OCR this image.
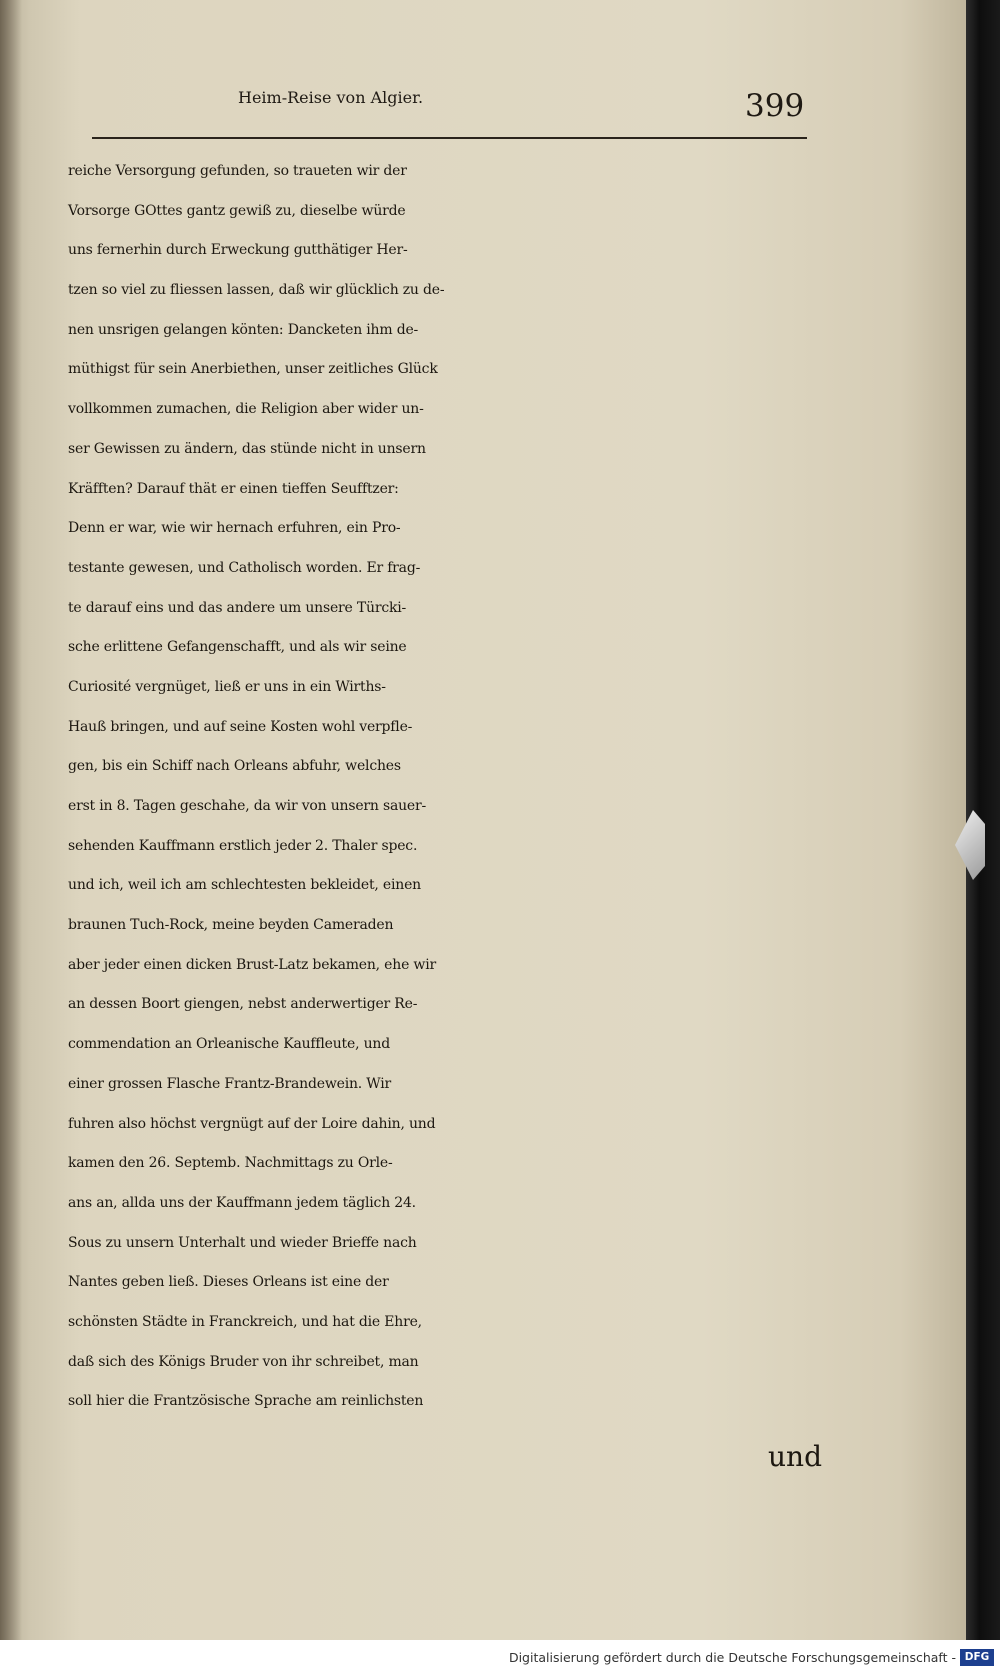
Heim-Reise von Algier.	399
reiche Versorgung gefunden, so traueten wir der
Vorsorge GOttes gantz gewiß zu, dieselbe würde
uns fernerhin durch Erweckung gutthätiger Her-
tzen so viel zu fliessen lassen, daß wir glücklich zu de-
nen unsrigen gelangen könten: Dancketen ihm de-
müthigst für sein Anerbiethen, unser zeitliches Glück
vollkommen zumachen, die Religion aber wider un-
ser Gewissen zu ändern, das stünde nicht in unsern
Kräfften? Darauf thät er einen tieffen Seufftzer:
Denn er war, wie wir hernach erfuhren, ein Pro-
testante gewesen, und Catholisch worden. Er frag-
te darauf eins und das andere um unsere Türcki-
sche erlittene Gefangenschafft, und als wir seine
Curiosité vergnüget, ließ er uns in ein Wirths-
Hauß bringen, und auf seine Kosten wohl verpfle-
gen, bis ein Schiff nach Orleans abfuhr, welches
erst in 8. Tagen geschahe, da wir von unsern sauer-
sehenden Kauffmann erstlich jeder 2. Thaler spec.
und ich, weil ich am schlechtesten bekleidet, einen
braunen Tuch-Rock, meine beyden Cameraden
aber jeder einen dicken Brust-Latz bekamen, ehe wir
an dessen Boort giengen, nebst anderwertiger Re-
commendation an Orleanische Kauffleute, und
einer grossen Flasche Frantz-Brandewein. Wir
fuhren also höchst vergnügt auf der Loire dahin, und
kamen den 26. Septemb. Nachmittags zu Orle-
ans an, allda uns der Kauffmann jedem täglich 24.
Sous zu unsern Unterhalt und wieder Brieffe nach
Nantes geben ließ. Dieses Orleans ist eine der
schönsten Städte in Franckreich, und hat die Ehre,
daß sich des Königs Bruder von ihr schreibet, man
soll hier die Frantzösische Sprache am reinlichsten
und
Digitalisierung gefördert durch die Deutsche Forschungsgemeinschaft - DFG
